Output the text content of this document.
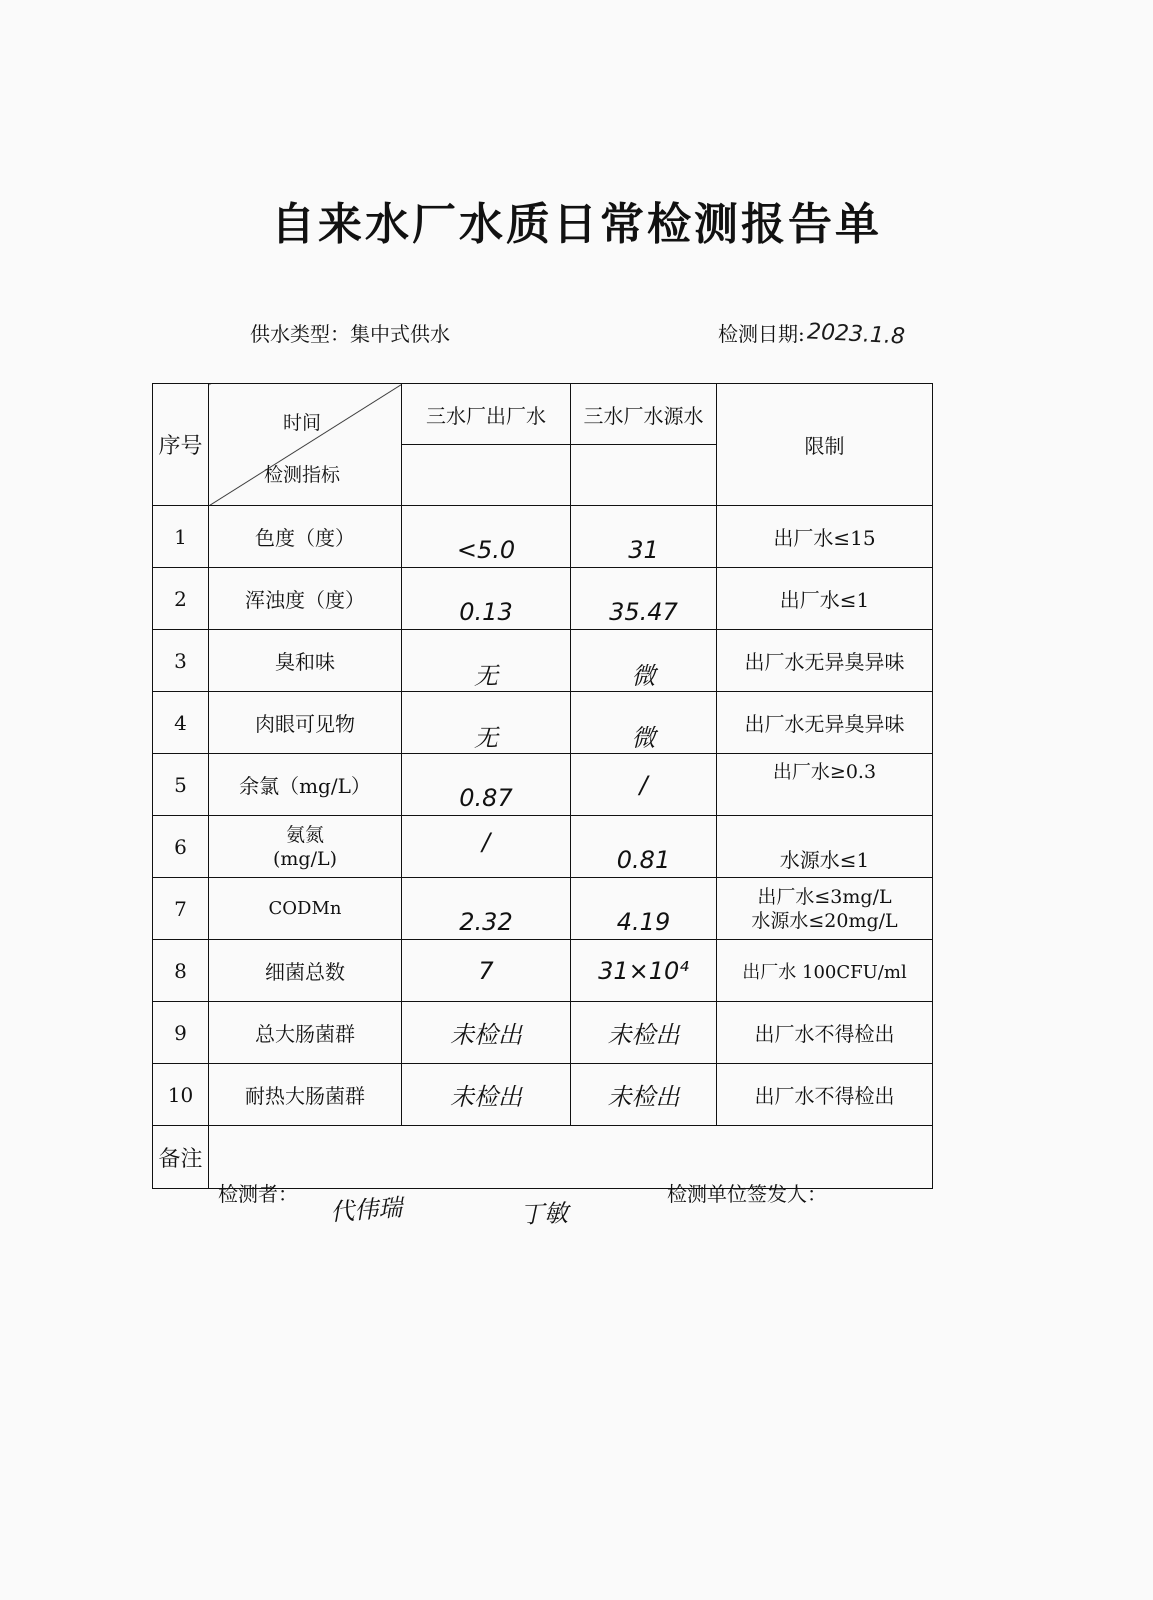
自来水厂水质日常检测报告单
供水类型：集中式供水	检测日期:2023.1.8
序号	时间
检测指标	三水厂出厂水	三水厂水源水	限制

1	色度（度）	<5.0	31	出厂水≤15
2	浑浊度（度）	0.13	35.47	出厂水≤1
3	臭和味	无	微	出厂水无异臭异味
4	肉眼可见物	无	微	出厂水无异臭异味
5	余氯（mg/L）	0.87	/	出厂水≥0.3
6	氨氮
(mg/L)	/	0.81	水源水≤1
7	CODMn	2.32	4.19	出厂水≤3mg/L
水源水≤20mg/L

8	细菌总数	7	31×10⁴	出厂水 100CFU/ml
9	总大肠菌群	未检出	未检出	出厂水不得检出
10	耐热大肠菌群	未检出	未检出	出厂水不得检出
备注				
检测者： 代伟瑞	丁敏
检测单位签发人：
